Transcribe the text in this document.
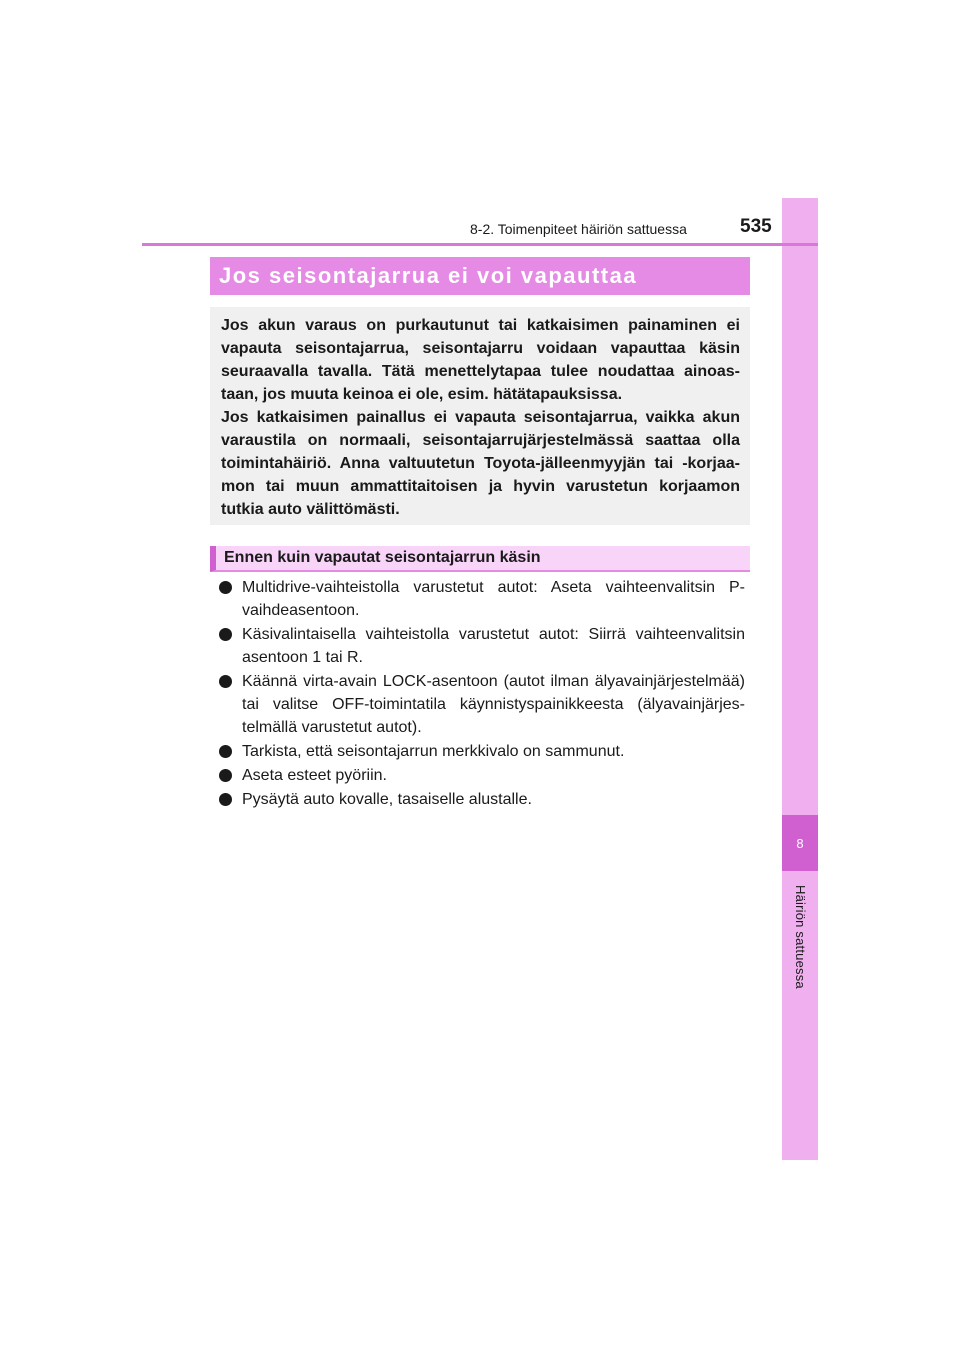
8
Häiriön sattuessa
8-2. Toimenpiteet häiriön sattuessa	535
Jos seisontajarrua ei voi vapauttaa

Jos akun varaus on purkautunut tai katkaisimen painaminen ei vapauta seisontajarrua, seisontajarru voidaan vapauttaa käsin seuraavalla tavalla. Tätä menettelytapaa tulee noudattaa ainoas-taan, jos muuta keinoa ei ole, esim. hätätapauksissa.

Jos katkaisimen painallus ei vapauta seisontajarrua, vaikka akun varaustila on normaali, seisontajarrujärjestelmässä saattaa olla toimintahäiriö. Anna valtuutetun Toyota-jälleenmyyjän tai -korjaa-mon tai muun ammattitaitoisen ja hyvin varustetun korjaamon tutkia auto välittömästi.

Ennen kuin vapautat seisontajarrun käsin
Multidrive-vaihteistolla varustetut autot: Aseta vaihteenvalitsin P-vaihdeasentoon.
Käsivalintaisella vaihteistolla varustetut autot: Siirrä vaihteenvalitsin asentoon 1 tai R.
Käännä virta-avain LOCK-asentoon (autot ilman älyavainjärjestelmää) tai valitse OFF-toimintatila käynnistyspainikkeesta (älyavainjärjes-telmällä varustetut autot).
Tarkista, että seisontajarrun merkkivalo on sammunut.
Aseta esteet pyöriin.
Pysäytä auto kovalle, tasaiselle alustalle.
